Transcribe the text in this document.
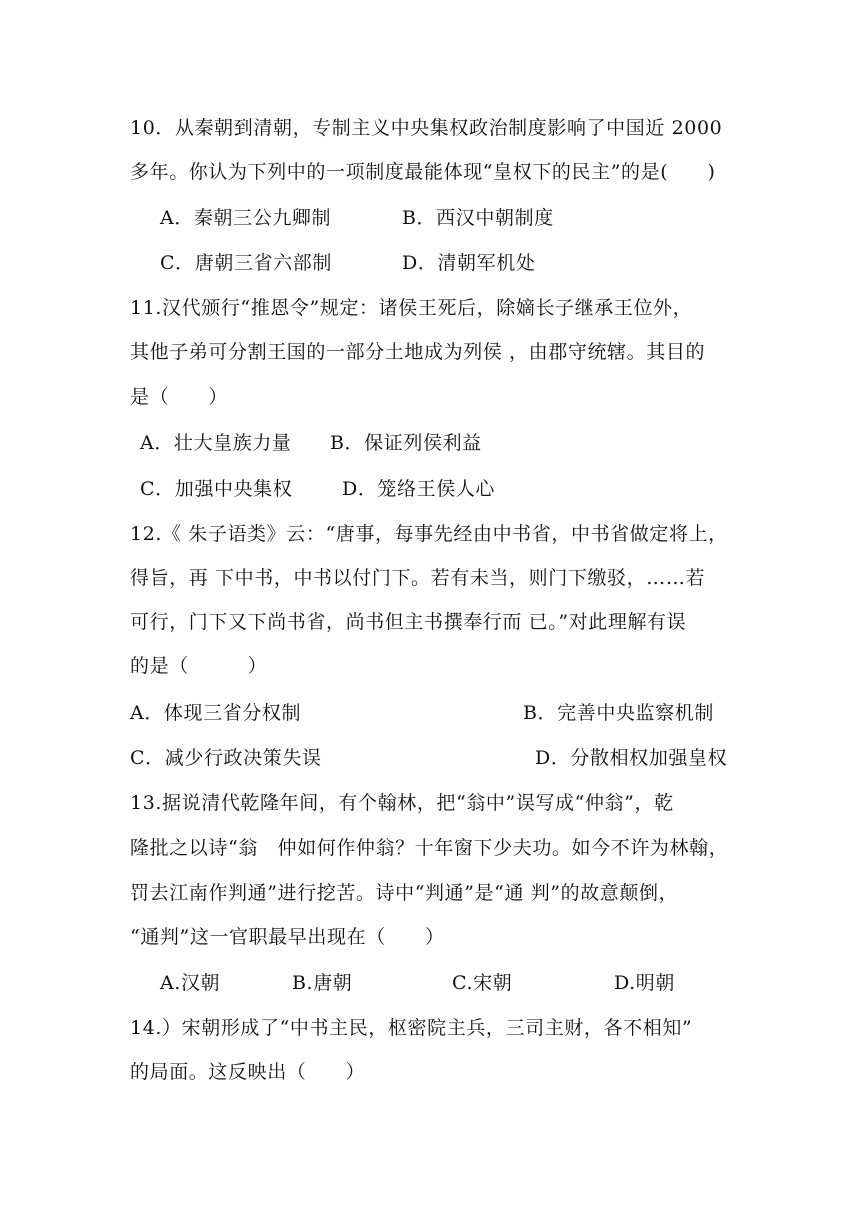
10．从秦朝到清朝，专制主义中央集权政治制度影响了中国近 2000
多年。你认为下列中的一项制度最能体现“皇权下的民主”的是(　　)
A．秦朝三公九卿制	B．西汉中朝制度
C．唐朝三省六部制	D．清朝军机处
11.汉代颁行“推恩令”规定：诸侯王死后，除嫡长子继承王位外，
其他子弟可分割王国的一部分土地成为列侯 ，由郡守统辖。其目的
是（　　）
A．壮大皇族力量 B．保证列侯利益
C．加强中央集权	D．笼络王侯人心
12.《 朱子语类》云：“唐事，每事先经由中书省，中书省做定将上，
得旨，再 下中书，中书以付门下。若有未当，则门下缴驳，……若
可行，门下又下尚书省，尚书但主书撰奉行而 已。”对此理解有误
的是（　　　）
A．体现三省分权制	B．完善中央监察机制
C．减少行政决策失误	D．分散相权加强皇权
13.据说清代乾隆年间，有个翰林，把“翁中”误写成“仲翁”，乾
隆批之以诗“翁　仲如何作仲翁？十年窗下少夫功。如今不许为林翰，
罚去江南作判通”进行挖苦。诗中“判通”是“通 判”的故意颠倒，
“通判”这一官职最早出现在（　　）
A.汉朝	B.唐朝	C.宋朝	D.明朝
14.）宋朝形成了“中书主民，枢密院主兵，三司主财，各不相知”
的局面。这反映出（　　）
